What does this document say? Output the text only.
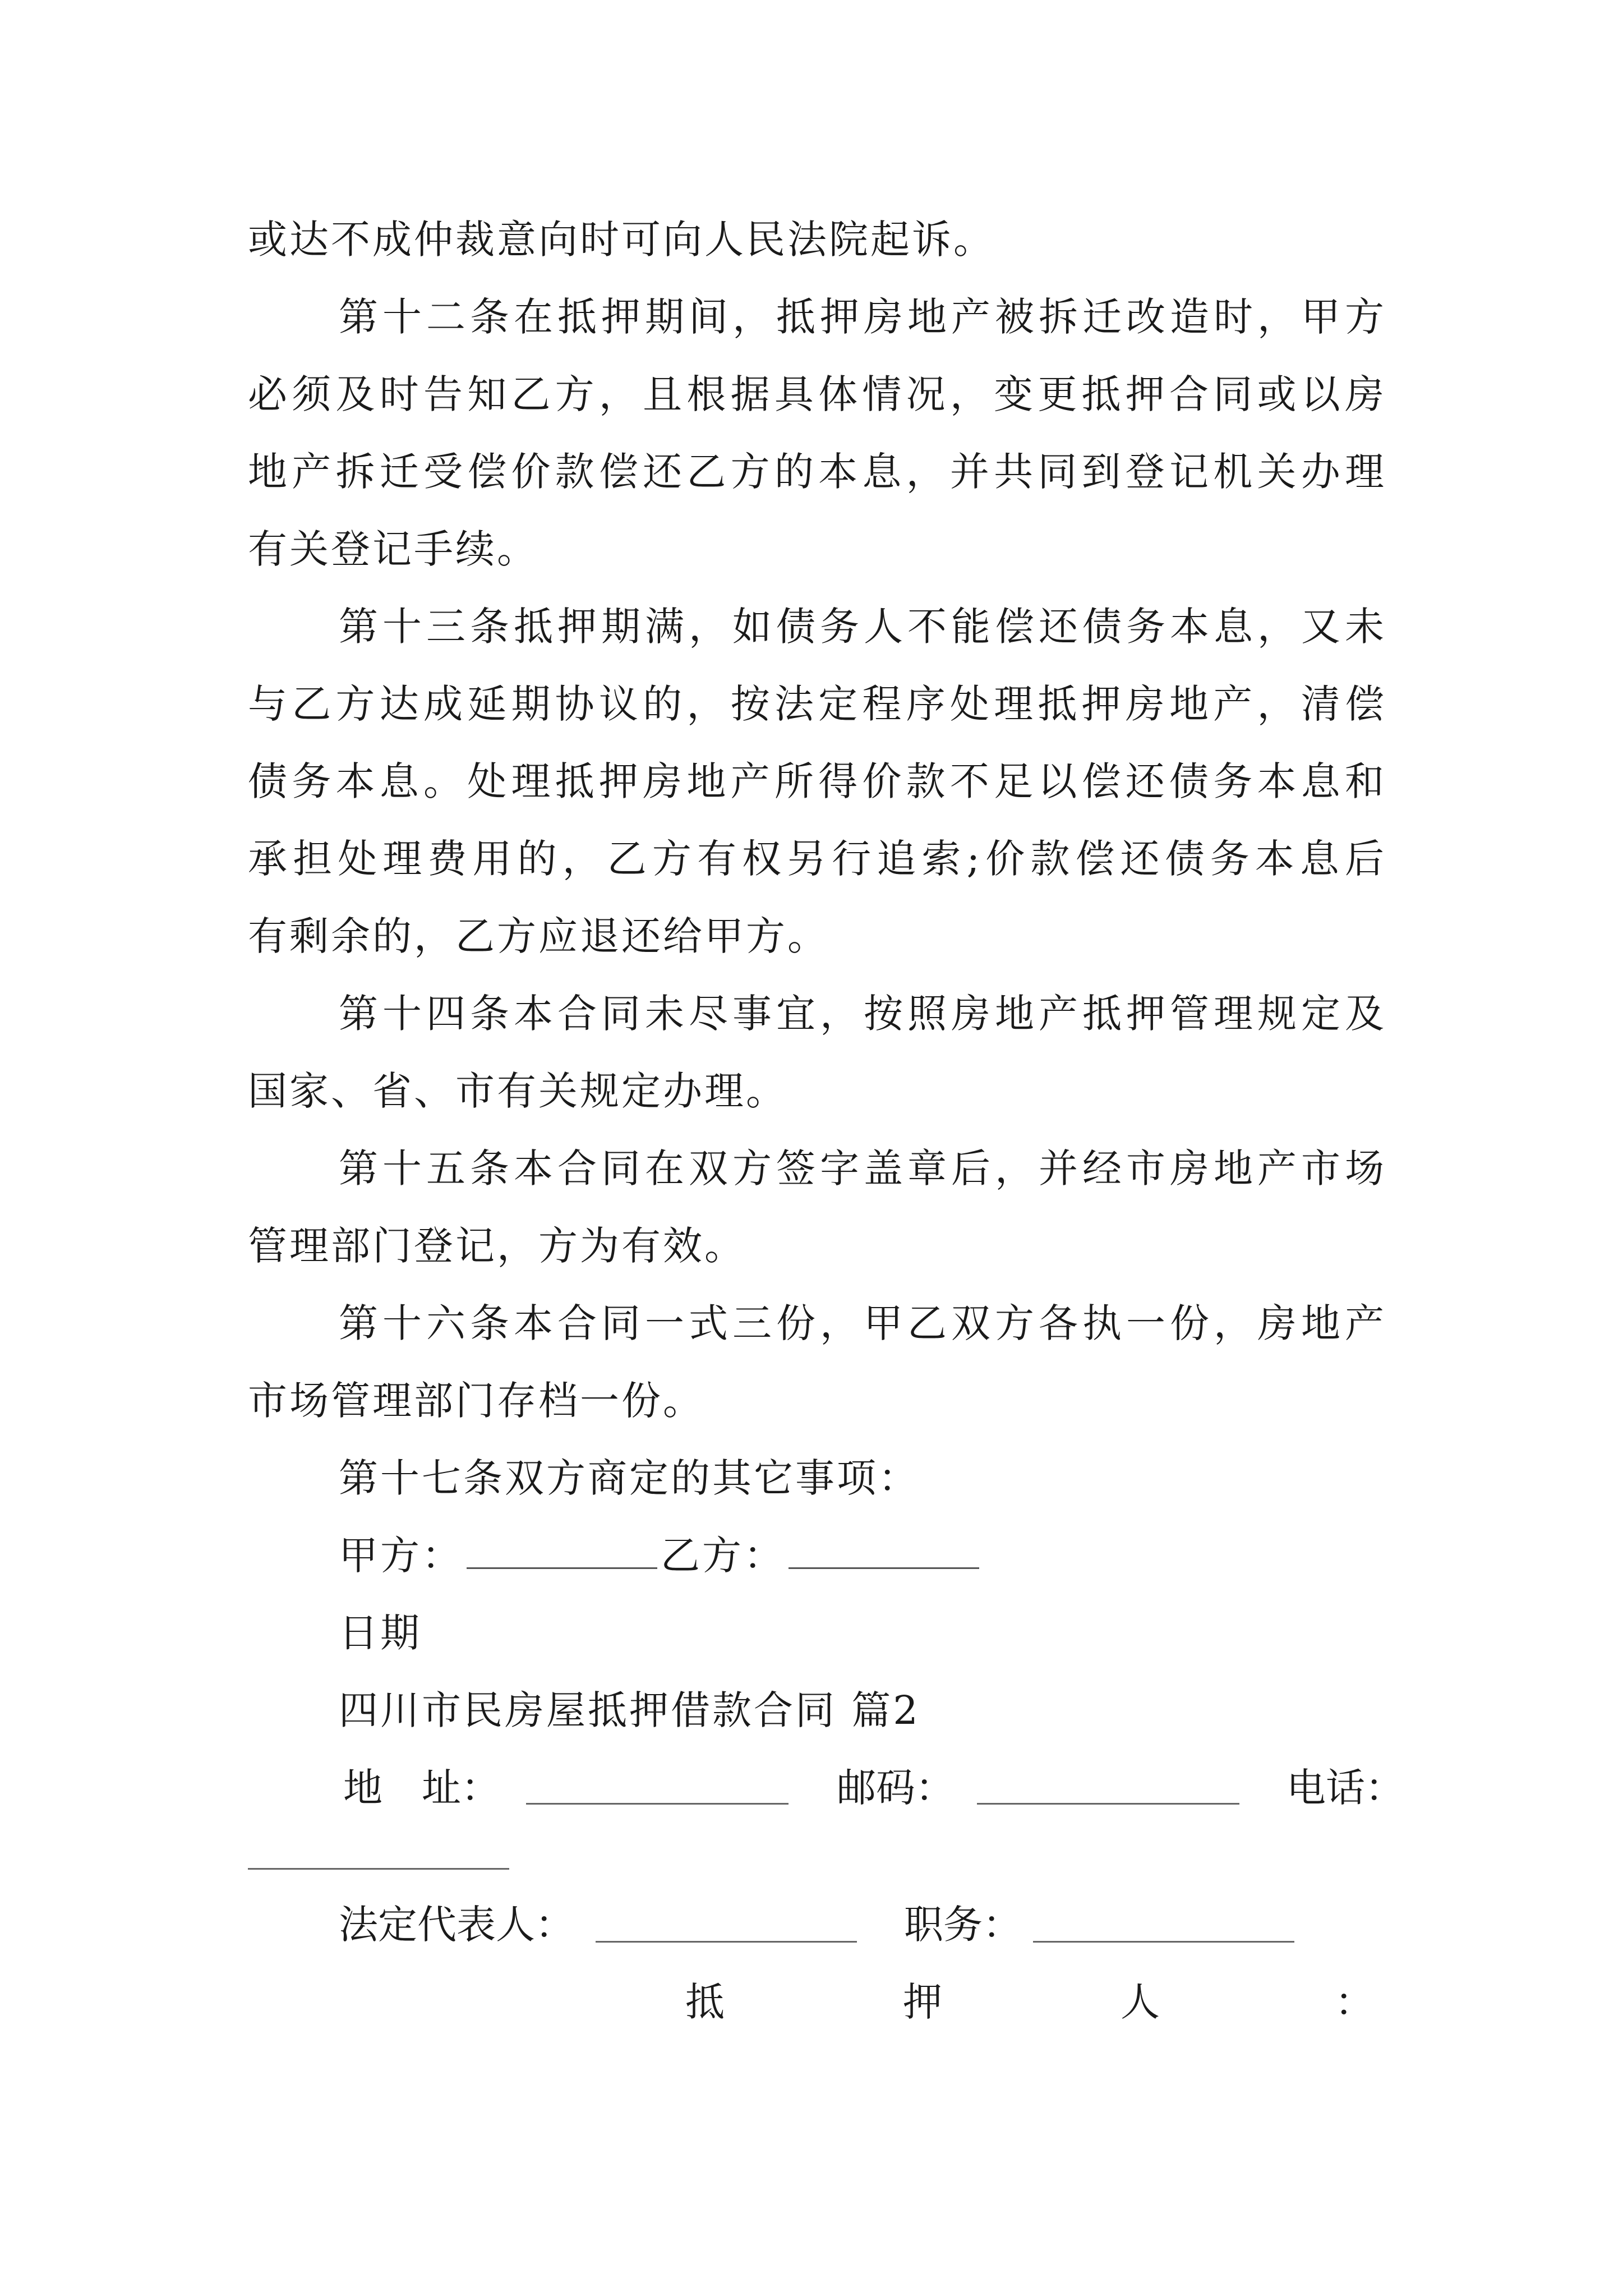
或达不成仲裁意向时可向人民法院起诉。
第十二条在抵押期间，抵押房地产被拆迁改造时，甲方
必须及时告知乙方，且根据具体情况，变更抵押合同或以房
地产拆迁受偿价款偿还乙方的本息，并共同到登记机关办理
有关登记手续。
第十三条抵押期满，如债务人不能偿还债务本息，又未
与乙方达成延期协议的，按法定程序处理抵押房地产，清偿
债务本息。处理抵押房地产所得价款不足以偿还债务本息和
承担处理费用的，乙方有权另行追索;价款偿还债务本息后
有剩余的，乙方应退还给甲方。
第十四条本合同未尽事宜，按照房地产抵押管理规定及
国家、省、市有关规定办理。
第十五条本合同在双方签字盖章后，并经市房地产市场
管理部门登记，方为有效。
第十六条本合同一式三份，甲乙双方各执一份，房地产
市场管理部门存档一份。
第十七条双方商定的其它事项：
甲方：	乙方：
日期
四川市民房屋抵押借款合同 篇2
地　址：	邮码：	电话：
法定代表人：	职务：
抵	押	人	：
